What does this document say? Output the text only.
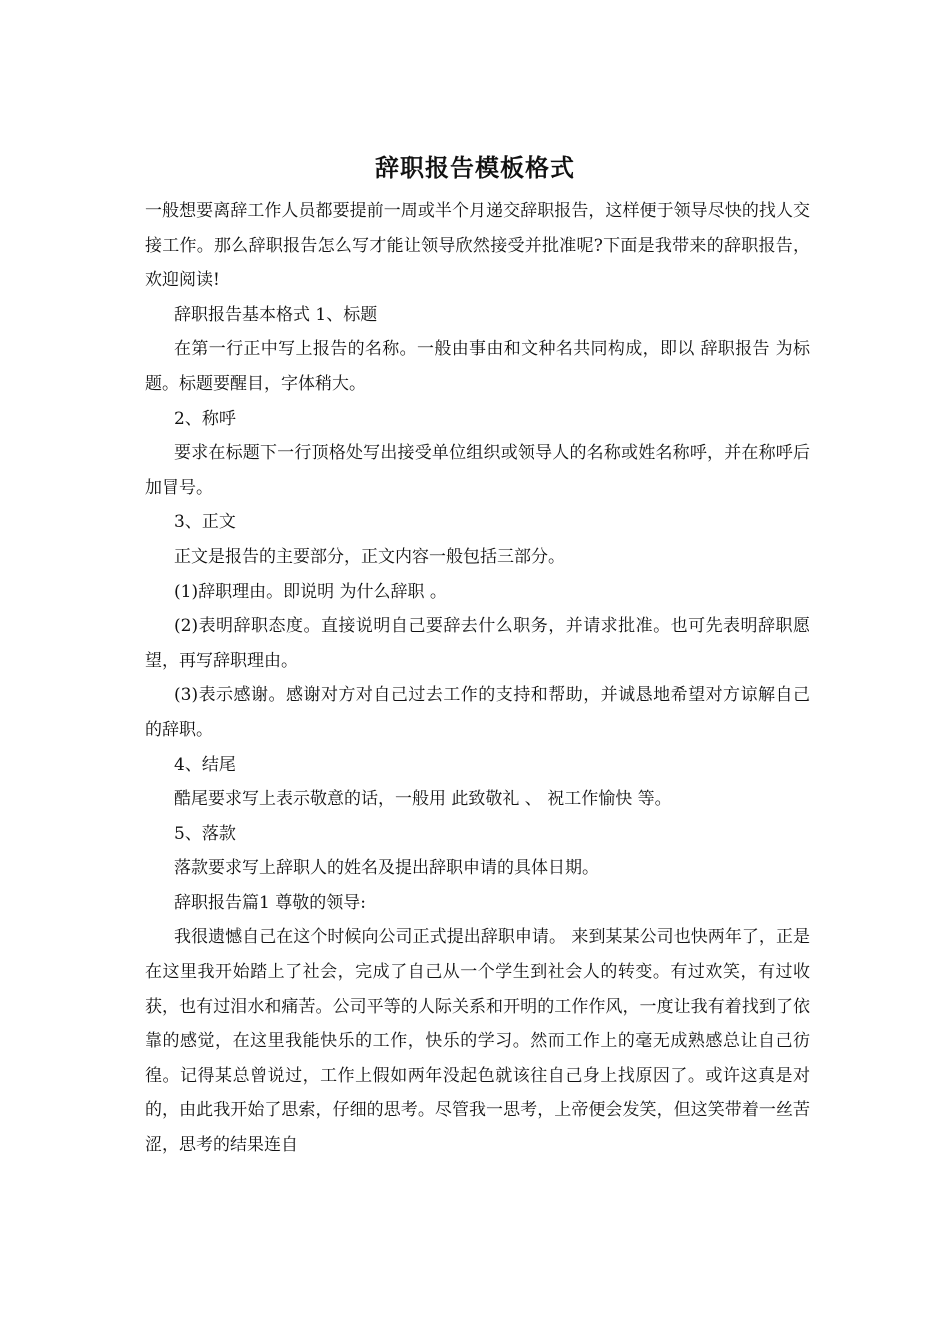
辞职报告模板格式

一般想要离辞工作人员都要提前一周或半个月递交辞职报告，这样便于领导尽快的找人交接工作。那么辞职报告怎么写才能让领导欣然接受并批准呢?下面是我带来的辞职报告，欢迎阅读!

辞职报告基本格式 1、标题

在第一行正中写上报告的名称。一般由事由和文种名共同构成，即以 辞职报告 为标题。标题要醒目，字体稍大。

2、称呼

要求在标题下一行顶格处写出接受单位组织或领导人的名称或姓名称呼，并在称呼后加冒号。

3、正文

正文是报告的主要部分，正文内容一般包括三部分。

(1)辞职理由。即说明 为什么辞职 。

(2)表明辞职态度。直接说明自己要辞去什么职务，并请求批准。也可先表明辞职愿望，再写辞职理由。

(3)表示感谢。感谢对方对自己过去工作的支持和帮助，并诚恳地希望对方谅解自己的辞职。

4、结尾

酷尾要求写上表示敬意的话，一般用 此致敬礼 、 祝工作愉快 等。

5、落款

落款要求写上辞职人的姓名及提出辞职申请的具体日期。

辞职报告篇1 尊敬的领导:

我很遗憾自己在这个时候向公司正式提出辞职申请。 来到某某公司也快两年了，正是在这里我开始踏上了社会，完成了自己从一个学生到社会人的转变。有过欢笑，有过收获，也有过泪水和痛苦。公司平等的人际关系和开明的工作作风，一度让我有着找到了依靠的感觉，在这里我能快乐的工作，快乐的学习。然而工作上的毫无成熟感总让自己彷徨。记得某总曾说过，工作上假如两年没起色就该往自己身上找原因了。或许这真是对的，由此我开始了思索，仔细的思考。尽管我一思考，上帝便会发笑，但这笑带着一丝苦涩，思考的结果连自
